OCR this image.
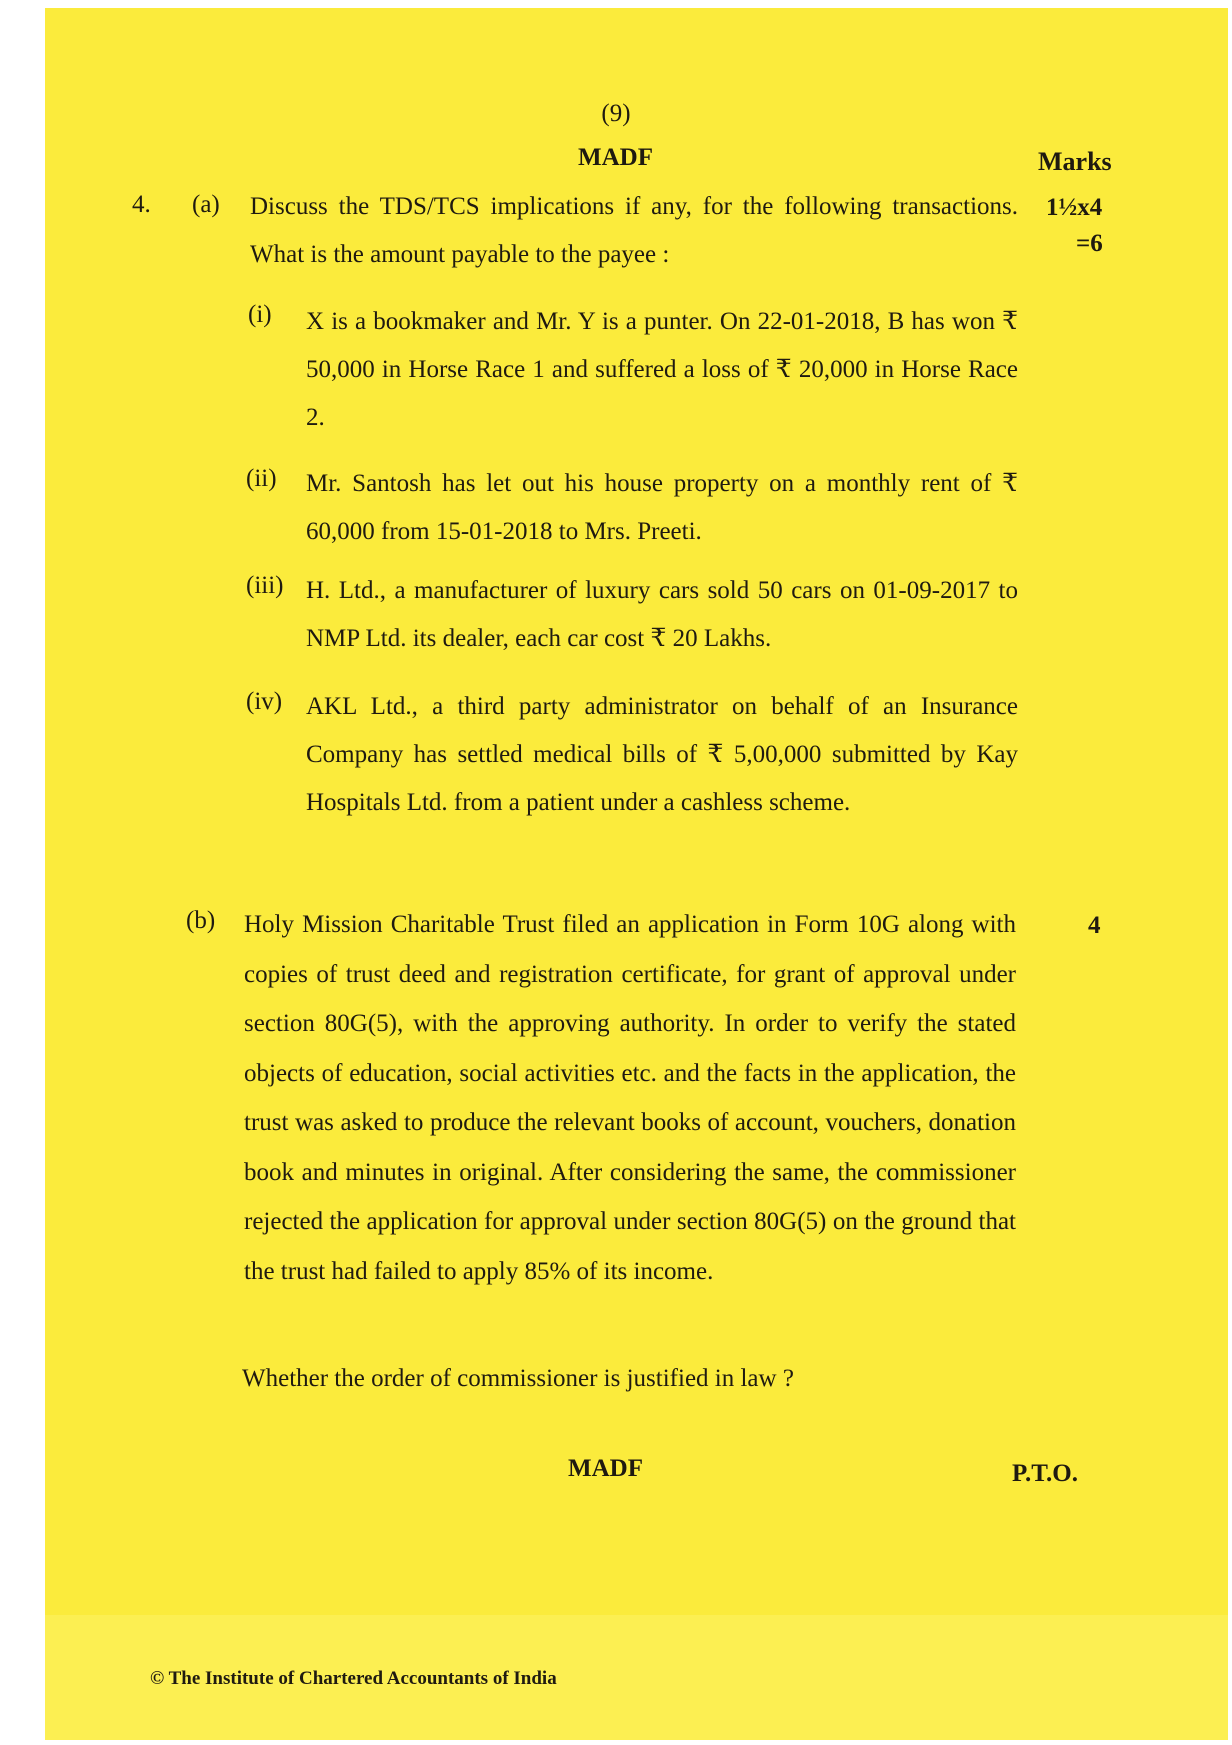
(9)
MADF	Marks
4. (a)	1½x4
=6
Discuss the TDS/TCS implications if any, for the following transactions. What is the amount payable to the payee :
(i) X is a bookmaker and Mr. Y is a punter. On 22-01-2018, B has won ₹ 50,000 in Horse Race 1 and suffered a loss of ₹ 20,000 in Horse Race 2.
(ii) Mr. Santosh has let out his house property on a monthly rent of ₹ 60,000 from 15-01-2018 to Mrs. Preeti.
(iii) H. Ltd., a manufacturer of luxury cars sold 50 cars on 01-09-2017 to NMP Ltd. its dealer, each car cost ₹ 20 Lakhs.
(iv) AKL Ltd., a third party administrator on behalf of an Insurance Company has settled medical bills of ₹ 5,00,000 submitted by Kay Hospitals Ltd. from a patient under a cashless scheme.
(b)	4
Holy Mission Charitable Trust filed an application in Form 10G along with copies of trust deed and registration certificate, for grant of approval under section 80G(5), with the approving authority. In order to verify the stated objects of education, social activities etc. and the facts in the application, the trust was asked to produce the relevant books of account, vouchers, donation book and minutes in original. After considering the same, the commissioner rejected the application for approval under section 80G(5) on the ground that the trust had failed to apply 85% of its income.
Whether the order of commissioner is justified in law ?
MADF	P.T.O.
© The Institute of Chartered Accountants of India
